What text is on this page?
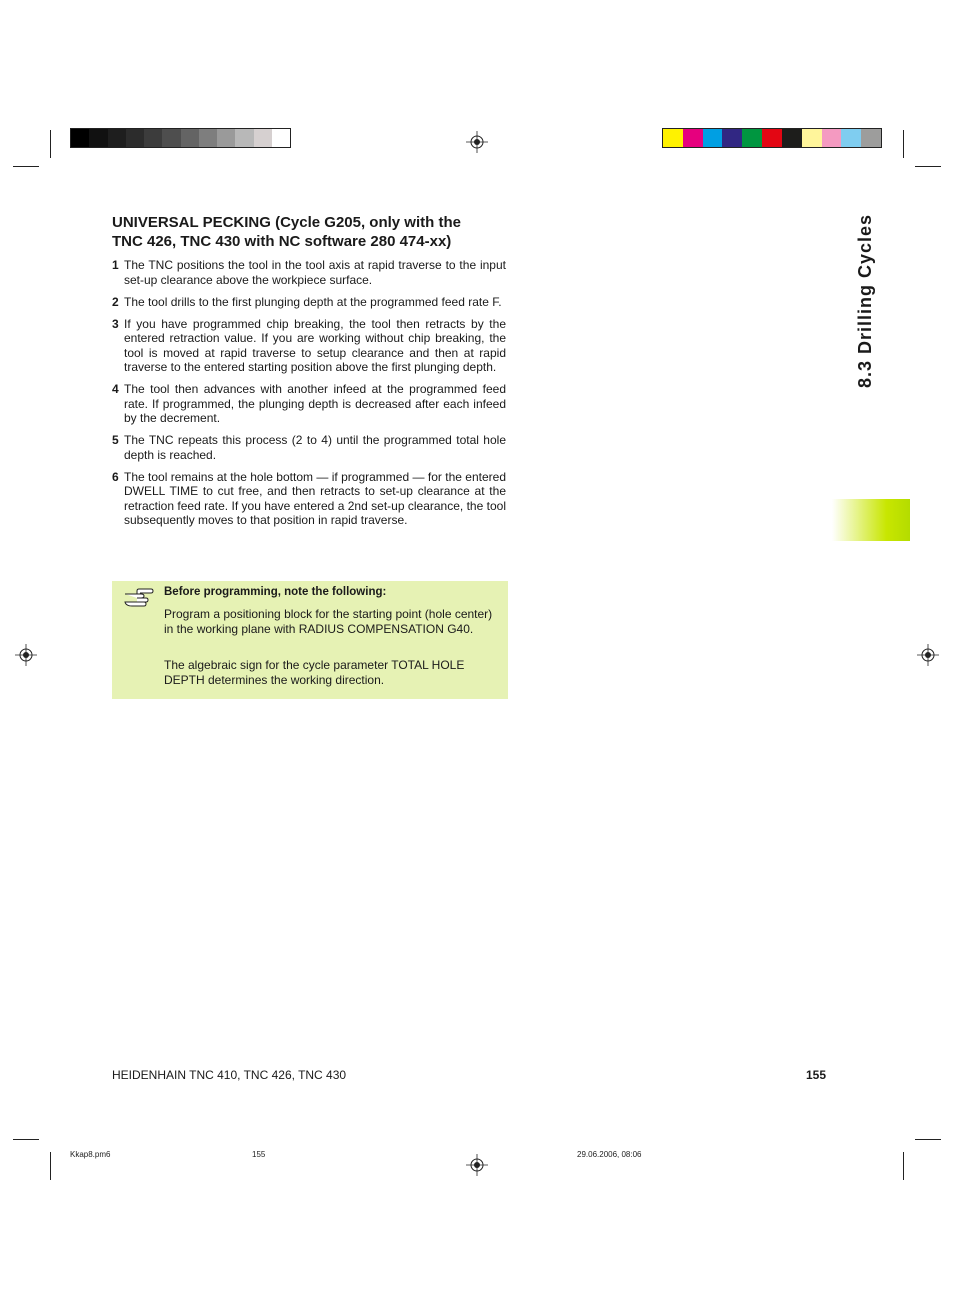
UNIVERSAL PECKING (Cycle G205, only with the
TNC 426, TNC 430 with NC software 280 474-xx)
1 The TNC positions the tool in the tool axis at rapid traverse to the input set-up clearance above the workpiece surface.
2 The tool drills to the first plunging depth at the programmed feed rate F.
3 If you have programmed chip breaking, the tool then retracts by the entered retraction value. If you are working without chip breaking, the tool is moved at rapid traverse to setup clearance and then at rapid traverse to the entered starting position above the first plunging depth.
4 The tool then advances with another infeed at the programmed feed rate. If programmed, the plunging depth is decreased after each infeed by the decrement.
5 The TNC repeats this process (2 to 4) until the programmed total hole depth is reached.
6 The tool remains at the hole bottom — if programmed — for the entered DWELL TIME to cut free, and then retracts to set-up clearance at the retraction feed rate. If you have entered a 2nd set-up clearance, the tool subsequently moves to that position in rapid traverse.
Before programming, note the following:
Program a positioning block for the starting point (hole center) in the working plane with RADIUS COMPENSATION G40.
The algebraic sign for the cycle parameter TOTAL HOLE DEPTH determines the working direction.
8.3 Drilling Cycles
HEIDENHAIN TNC 410, TNC 426, TNC 430	155
Kkap8.pm6	155	29.06.2006, 08:06
